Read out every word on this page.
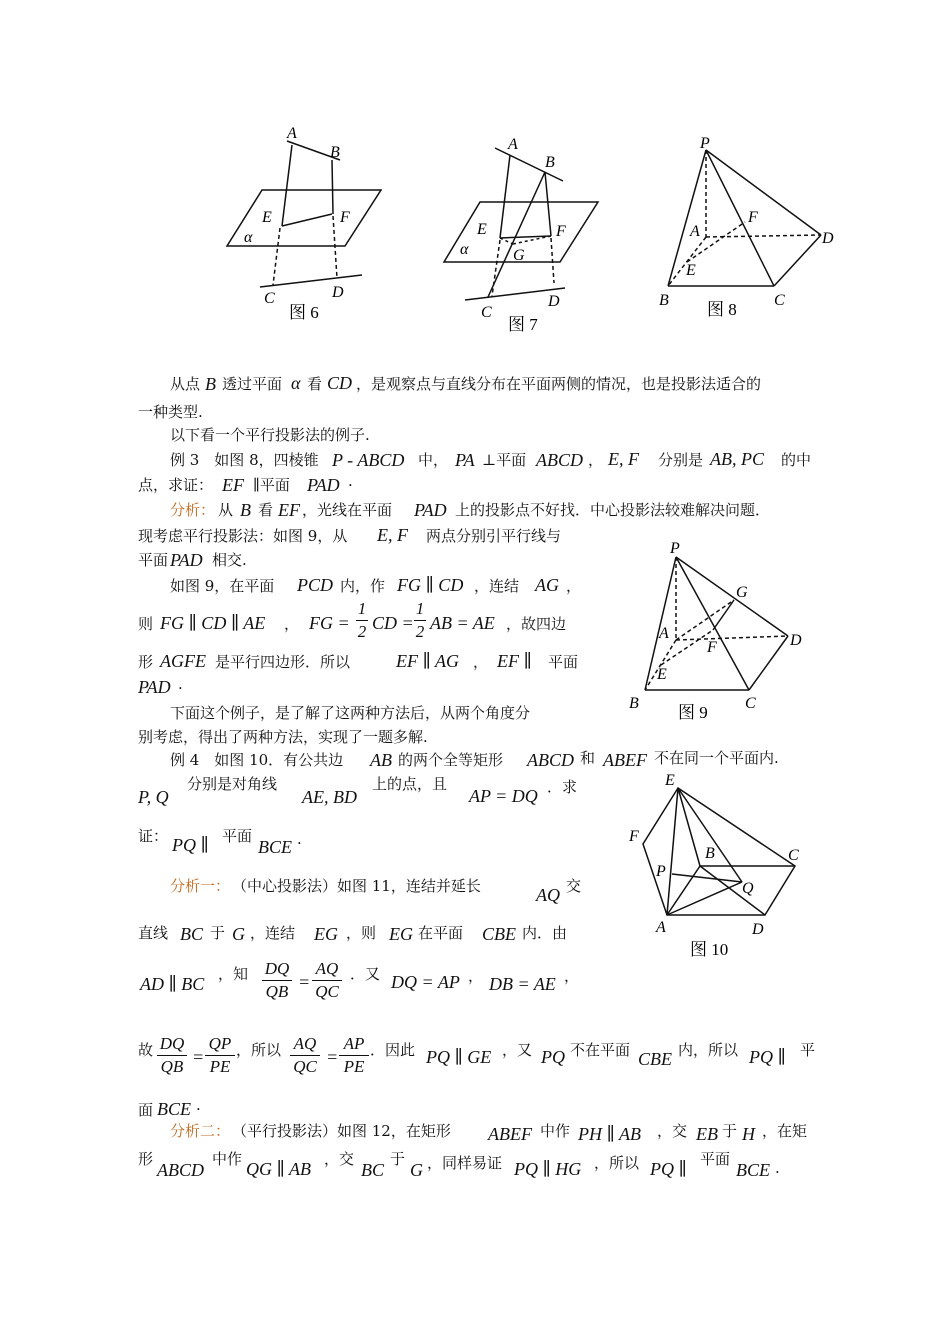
A
B
E	F
α
C	D
图 6
A
B
E	F
G
α
C
D
图 7
P
A
F
D
E
B	C
图 8
P
G
A
F	D
E
B	C
图 9
E
F
B	C
P
Q
A	D
图 10
从点 B 透过平面 α 看 CD ，是观察点与直线分布在平面两侧的情况，也是投影法适合的
一种类型.
以下看一个平行投影法的例子.
例 3　如图 8，四棱锥 P - ABCD 中， PA ⊥平面 ABCD ， E, F 分别是 AB, PC 的中
点，求证： EF ∥平面 PAD ·
分析： 从 B 看 EF ，光线在平面 PAD 上的投影点不好找．中心投影法较难解决问题．
现考虑平行投影法：如图 9，从 E, F 两点分别引平行线与
平面 PAD 相交.
如图 9，在平面 PCD 内，作 FG ∥ CD ，连结 AG ，
则 FG ∥ CD ∥ AE ， FG =
1
2 CD =
1
2 AB = AE ，故四边
形 AGFE 是平行四边形．所以	EF ∥ AG ， EF ∥ 平面
PAD ·
下面这个例子，是了解了这两种方法后，从两个角度分
别考虑，得出了两种方法，实现了一题多解.
例 4　如图 10．有公共边 AB 的两个全等矩形 ABCD 和 ABEF 不在同一个平面内.
P, Q
分别是对角线
AE, BD
上的点，且
AP = DQ ．求
证： PQ ∥ 平面
BCE ·
分析一： （中心投影法）如图 11，连结并延长	AQ 交
直线 BC 于 G ，连结 EG ，则 EG 在平面 CBE 内．由
AD ∥ BC ，知 DQ
QB =
AQ
QC
．又 DQ = AP ， DB = AE ，
故 DQ
QB =
QP
PE
，所以 AQ
QC =
AP
PE
．因此 PQ ∥ GE ，又 PQ 不在平面 CBE 内，所以 PQ ∥ 平
面 BCE ·
分析二： （平行投影法）如图 12，在矩形 ABEF 中作 PH ∥ AB ，交 EB 于 H ，在矩
形
ABCD
中作 QG ∥ AB ，交
BC
于
G ，同样易证 PQ ∥ HG ，所以 PQ ∥ 平面
BCE .
